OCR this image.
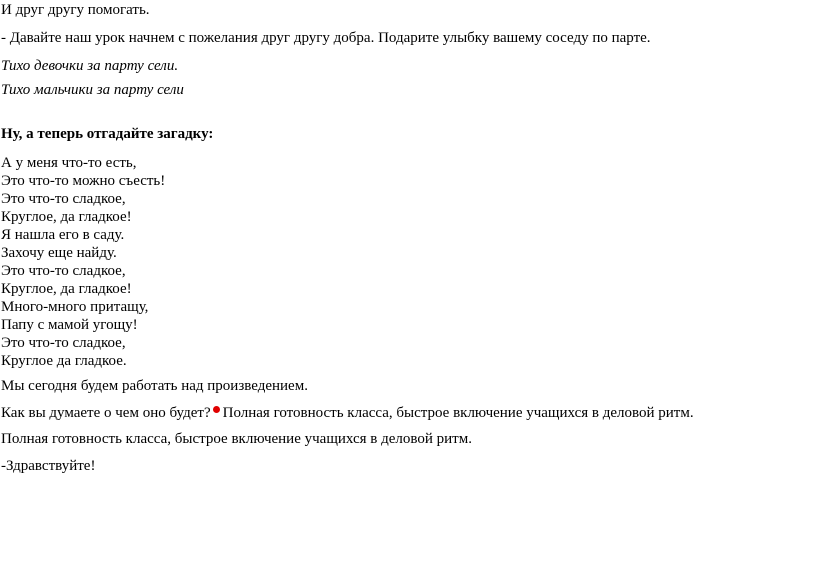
И друг другу помогать.
- Давайте наш урок начнем с пожелания друг другу добра. Подарите улыбку вашему соседу по парте.
Тихо девочки за парту сели.
Тихо мальчики за парту сели
Ну, а теперь отгадайте загадку:
А у меня что-то есть,
Это что-то можно съесть!
Это что-то сладкое,
Круглое, да гладкое!
Я нашла его в саду.
Захочу еще найду.
Это что-то сладкое,
Круглое, да гладкое!
Много-много притащу,
Папу с мамой угощу!
Это что-то сладкое,
Круглое да гладкое.
Мы сегодня будем работать над произведением.
Как вы думаете о чем оно будет? Полная готовность класса, быстрое включение учащихся в деловой ритм.
Полная готовность класса, быстрое включение учащихся в деловой ритм.
-Здравствуйте!
